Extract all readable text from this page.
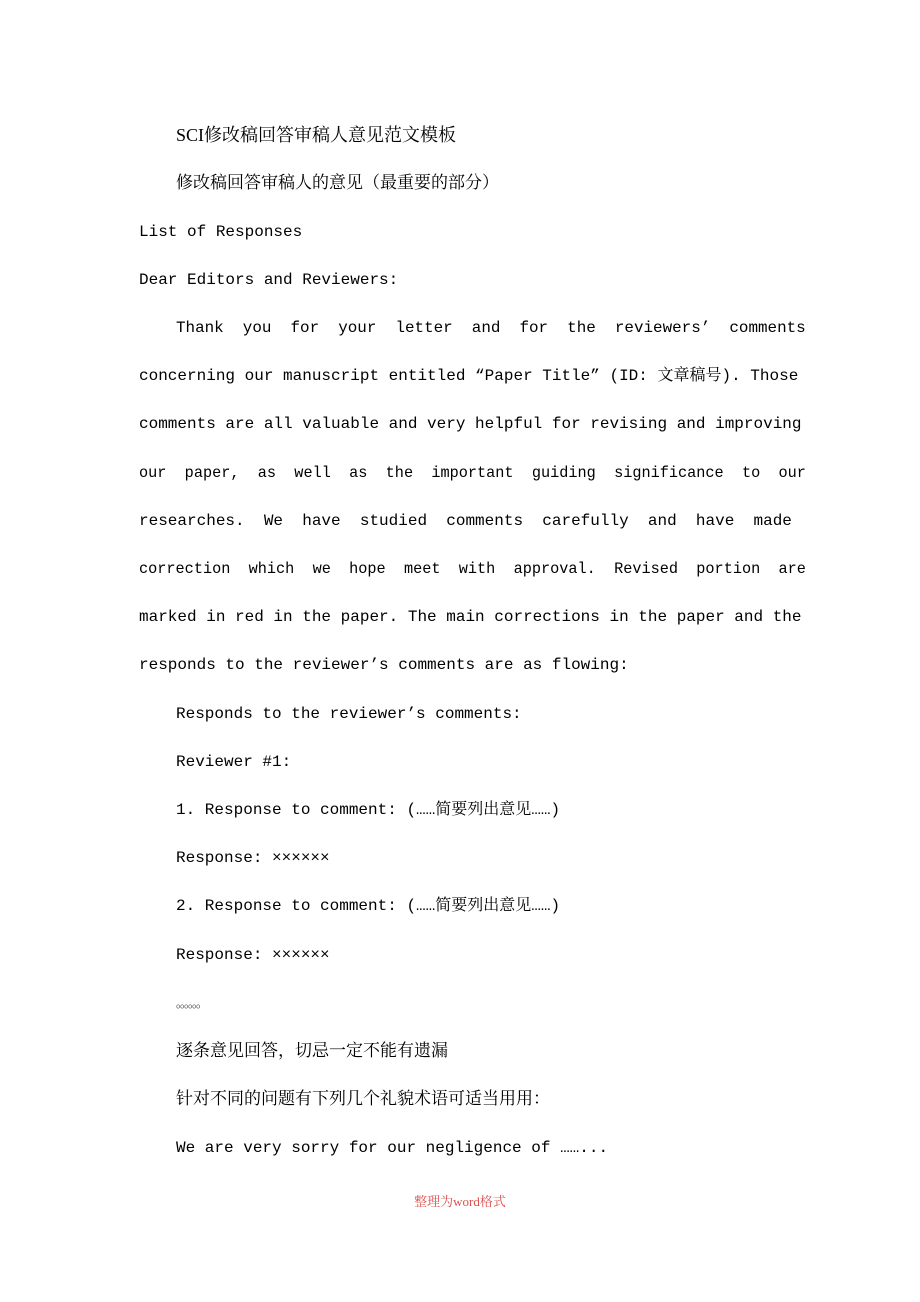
SCI修改稿回答审稿人意见范文模板
修改稿回答审稿人的意见（最重要的部分）
List of Responses
Dear Editors and Reviewers:
Thank  you  for  your  letter  and  for  the  reviewers’  comments
concerning our manuscript entitled “Paper Title” (ID: 文章稿号). Those
comments are all valuable and very helpful for revising and improving
our  paper,  as  well  as  the  important  guiding  significance  to  our
researches.  We  have  studied  comments  carefully  and  have  made
correction  which  we  hope  meet  with  approval.  Revised  portion  are
marked in red in the paper. The main corrections in the paper and the
responds to the reviewer’s comments are as flowing:
Responds to the reviewer’s comments:
Reviewer #1:
1. Response to comment: (……简要列出意见……)
Response: ××××××
2. Response to comment: (……简要列出意见……)
Response: ××××××
。。。。。。
逐条意见回答，切忌一定不能有遗漏
针对不同的问题有下列几个礼貌术语可适当用用：
We are very sorry for our negligence of ……...
整理为word格式
